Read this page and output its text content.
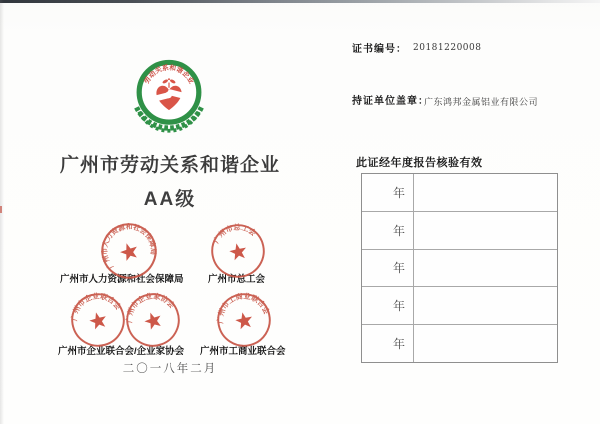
劳动关系和谐企业
广州市劳动关系和谐企业
AA级
广州市人力资源和社会保障局
广州市总工会
广州市企业联合会
广州市企业家协会
广州市工商业联合会
广州市人力资源和社会保障局	广州市总工会
广州市企业联合会/企业家协会 广州市工商业联合会
二〇一八年二月
证书编号： 20181220008
持证单位盖章：
广东鸿邦金属铝业有限公司
此证经年度报告核验有效
年
年
年
年
年
